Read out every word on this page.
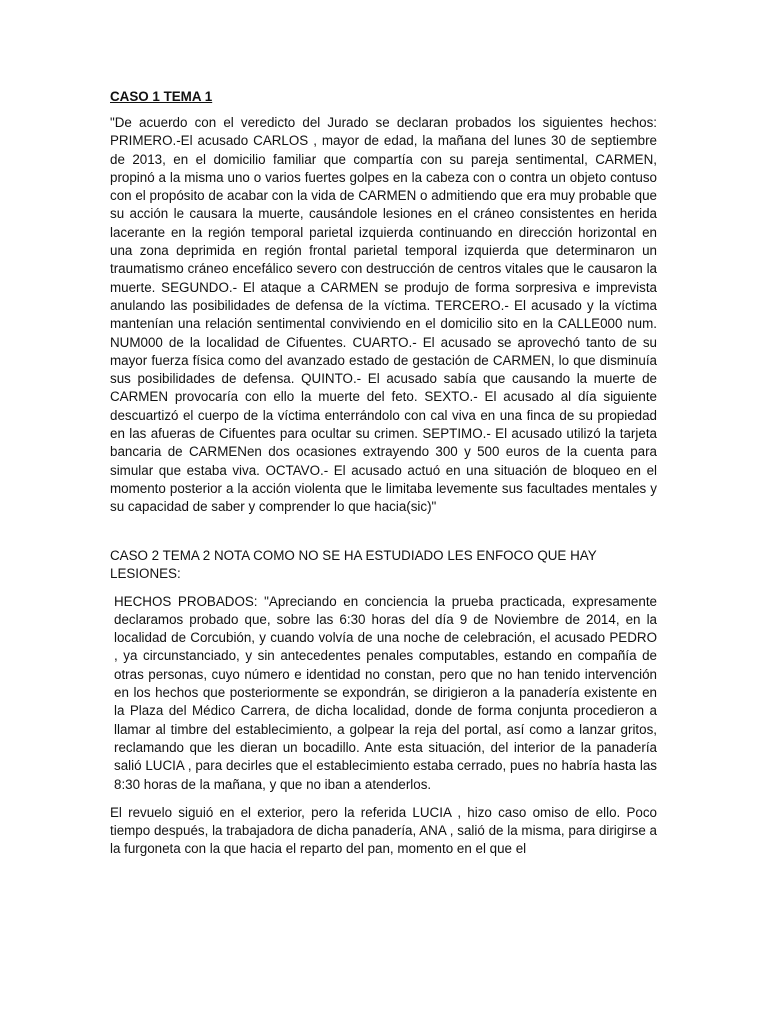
CASO 1 TEMA 1

"De acuerdo con el veredicto del Jurado se declaran probados los siguientes hechos: PRIMERO.-El acusado CARLOS , mayor de edad, la mañana del lunes 30 de septiembre de 2013, en el domicilio familiar que compartía con su pareja sentimental, CARMEN, propinó a la misma uno o varios fuertes golpes en la cabeza con o contra un objeto contuso con el propósito de acabar con la vida de CARMEN o admitiendo que era muy probable que su acción le causara la muerte, causándole lesiones en el cráneo consistentes en herida lacerante en la región temporal parietal izquierda continuando en dirección horizontal en una zona deprimida en región frontal parietal temporal izquierda que determinaron un traumatismo cráneo encefálico severo con destrucción de centros vitales que le causaron la muerte. SEGUNDO.- El ataque a CARMEN se produjo de forma sorpresiva e imprevista anulando las posibilidades de defensa de la víctima. TERCERO.- El acusado y la víctima mantenían una relación sentimental conviviendo en el domicilio sito en la CALLE000 num. NUM000 de la localidad de Cifuentes. CUARTO.- El acusado se aprovechó tanto de su mayor fuerza física como del avanzado estado de gestación de CARMEN, lo que disminuía sus posibilidades de defensa. QUINTO.- El acusado sabía que causando la muerte de CARMEN provocaría con ello la muerte del feto. SEXTO.- El acusado al día siguiente descuartizó el cuerpo de la víctima enterrándolo con cal viva en una finca de su propiedad en las afueras de Cifuentes para ocultar su crimen. SEPTIMO.- El acusado utilizó la tarjeta bancaria de CARMENen dos ocasiones extrayendo 300 y 500 euros de la cuenta para simular que estaba viva. OCTAVO.- El acusado actuó en una situación de bloqueo en el momento posterior a la acción violenta que le limitaba levemente sus facultades mentales y su capacidad de saber y comprender lo que hacia(sic)"

CASO 2 TEMA 2 NOTA COMO NO SE HA ESTUDIADO LES ENFOCO QUE HAY LESIONES:

HECHOS PROBADOS: "Apreciando en conciencia la prueba practicada, expresamente declaramos probado que, sobre las 6:30 horas del día 9 de Noviembre de 2014, en la localidad de Corcubión, y cuando volvía de una noche de celebración, el acusado PEDRO , ya circunstanciado, y sin antecedentes penales computables, estando en compañía de otras personas, cuyo número e identidad no constan, pero que no han tenido intervención en los hechos que posteriormente se expondrán, se dirigieron a la panadería existente en la Plaza del Médico Carrera, de dicha localidad, donde de forma conjunta procedieron a llamar al timbre del establecimiento, a golpear la reja del portal, así como a lanzar gritos, reclamando que les dieran un bocadillo. Ante esta situación, del interior de la panadería salió LUCIA , para decirles que el establecimiento estaba cerrado, pues no habría hasta las 8:30 horas de la mañana, y que no iban a atenderlos.

El revuelo siguió en el exterior, pero la referida LUCIA , hizo caso omiso de ello. Poco tiempo después, la trabajadora de dicha panadería, ANA , salió de la misma, para dirigirse a la furgoneta con la que hacia el reparto del pan, momento en el que el
